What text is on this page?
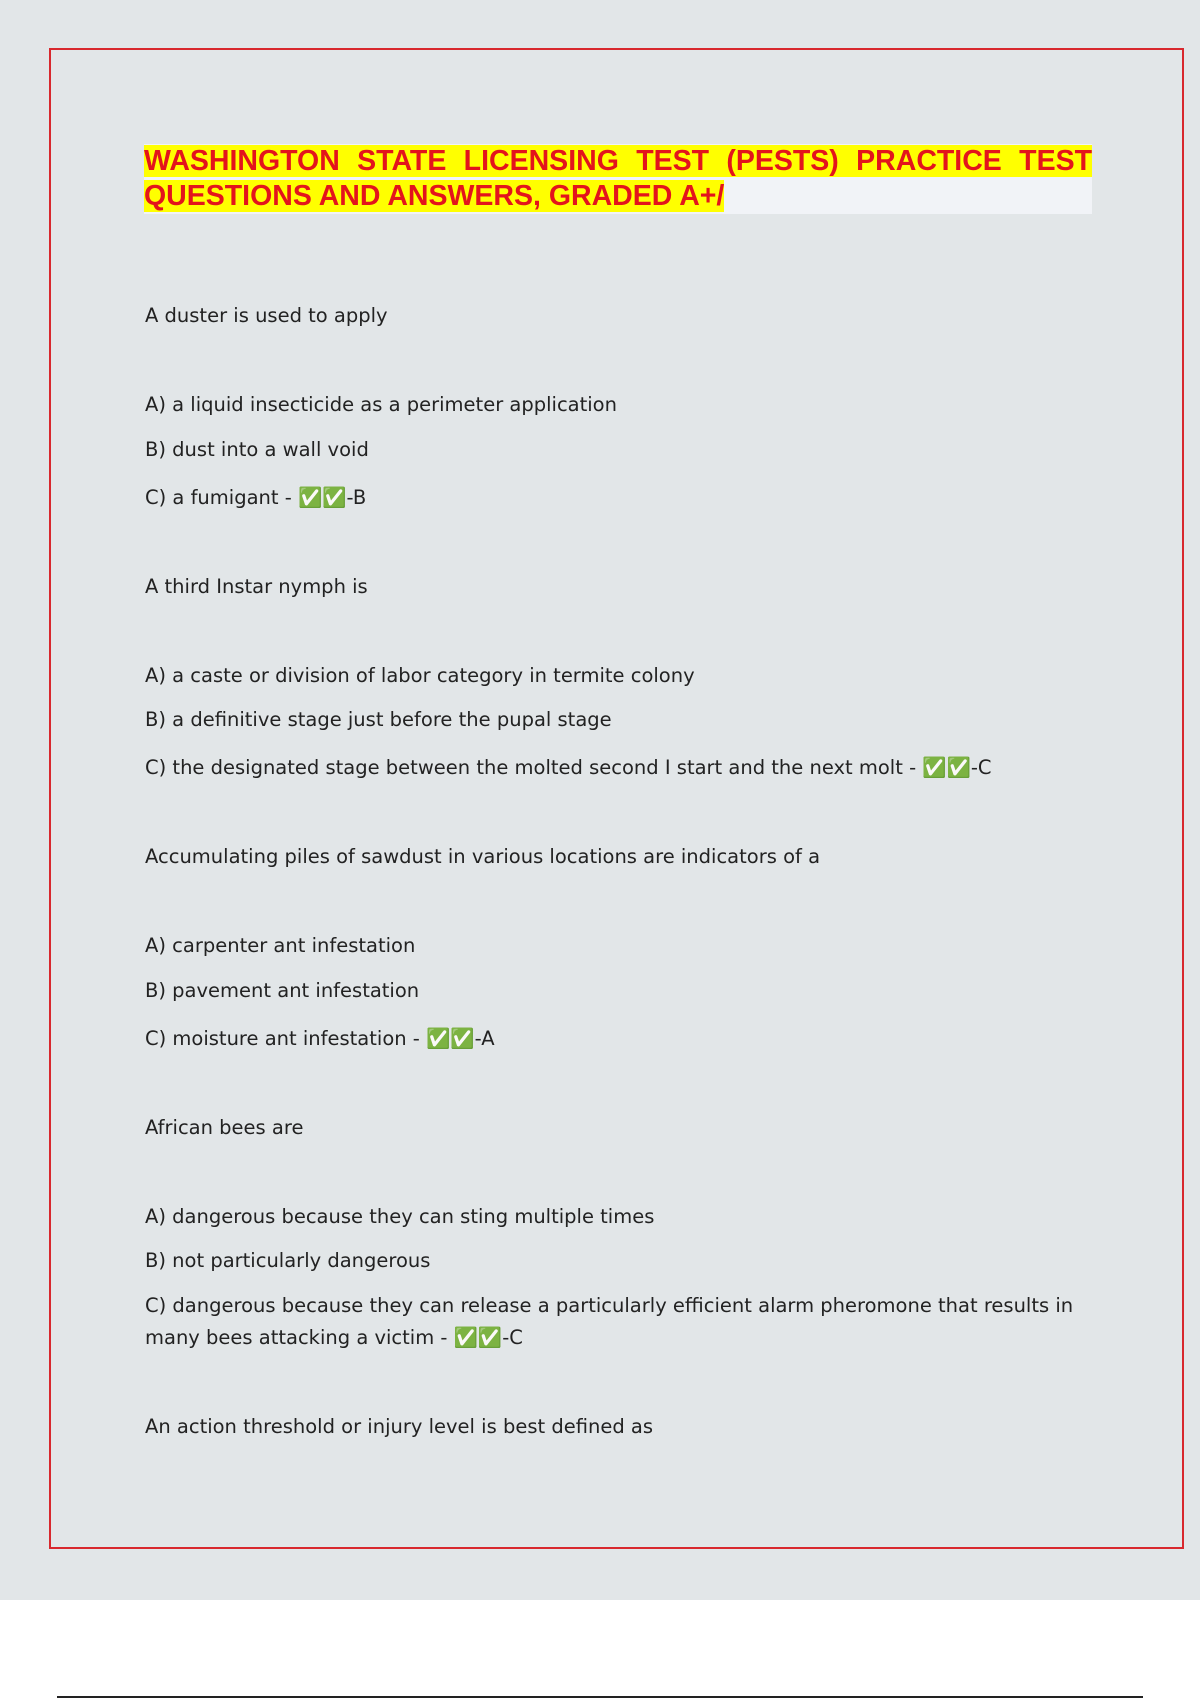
WASHINGTON STATE LICENSING TEST (PESTS) PRACTICE TEST QUESTIONS AND ANSWERS, GRADED A+/

A duster is used to apply
A) a liquid insecticide as a perimeter application
B) dust into a wall void
C) a fumigant - ✅✅-B
A third Instar nymph is
A) a caste or division of labor category in termite colony
B) a definitive stage just before the pupal stage
C) the designated stage between the molted second I start and the next molt - ✅✅-C
Accumulating piles of sawdust in various locations are indicators of a
A) carpenter ant infestation
B) pavement ant infestation
C) moisture ant infestation - ✅✅-A
African bees are
A) dangerous because they can sting multiple times
B) not particularly dangerous
C) dangerous because they can release a particularly efficient alarm pheromone that results in many bees attacking a victim - ✅✅-C
An action threshold or injury level is best defined as
